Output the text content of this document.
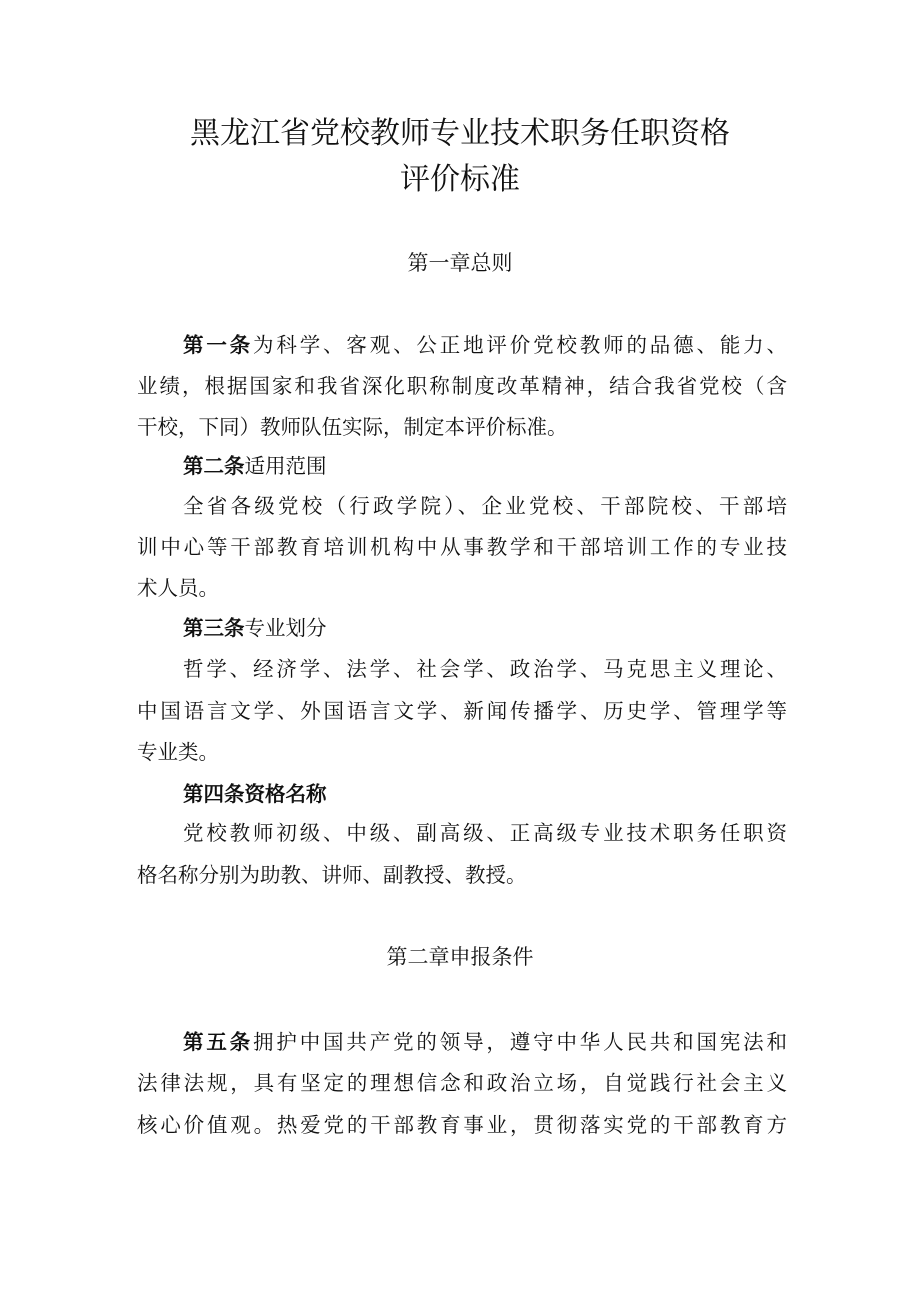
黑龙江省党校教师专业技术职务任职资格
评价标准
第一章总则
第一条为科学、客观、公正地评价党校教师的品德、能力、
业绩，根据国家和我省深化职称制度改革精神，结合我省党校（含
干校，下同）教师队伍实际，制定本评价标准。
第二条适用范围
全省各级党校（行政学院）、企业党校、干部院校、干部培
训中心等干部教育培训机构中从事教学和干部培训工作的专业技
术人员。
第三条专业划分
哲学、经济学、法学、社会学、政治学、马克思主义理论、
中国语言文学、外国语言文学、新闻传播学、历史学、管理学等
专业类。
第四条资格名称
党校教师初级、中级、副高级、正高级专业技术职务任职资
格名称分别为助教、讲师、副教授、教授。
第二章申报条件
第五条拥护中国共产党的领导，遵守中华人民共和国宪法和
法律法规，具有坚定的理想信念和政治立场，自觉践行社会主义
核心价值观。热爱党的干部教育事业，贯彻落实党的干部教育方
